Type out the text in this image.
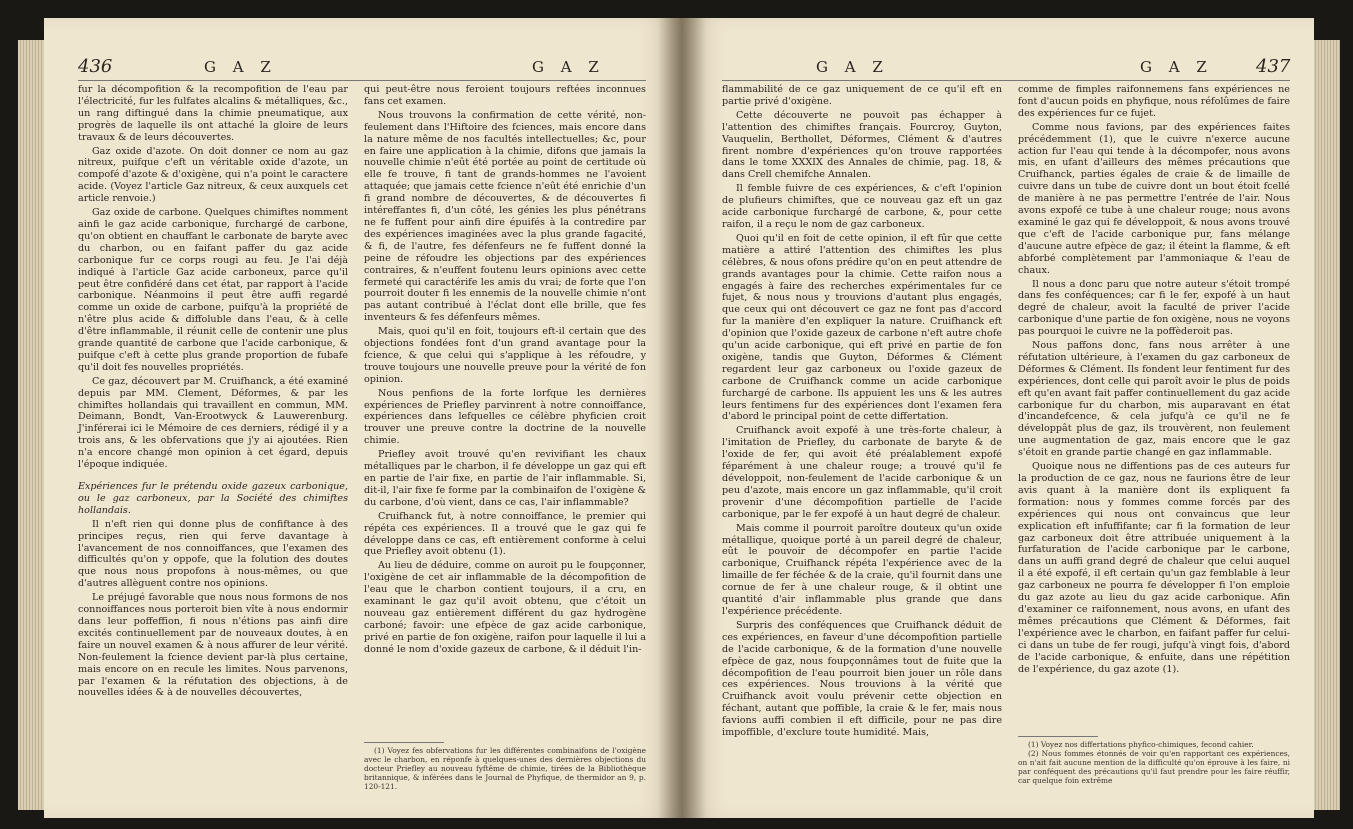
436	G A Z	G A Z

fur la décompofition & la recompofition de l'eau par l'électricité, fur les fulfates alcalins & métalliques, &c., un rang diftingué dans la chimie pneumatique, aux progrès de laquelle ils ont attaché la gloire de leurs travaux & de leurs découvertes.

Gaz oxide d'azote. On doit donner ce nom au gaz nitreux, puifque c'eft un véritable oxide d'azote, un compofé d'azote & d'oxigène, qui n'a point le caractere acide. (Voyez l'article Gaz nitreux, & ceux auxquels cet article renvoie.)

Gaz oxide de carbone. Quelques chimiftes nomment ainfi le gaz acide carbonique, furchargé de carbone, qu'on obtient en chauffant le carbonate de baryte avec du charbon, ou en faifant paffer du gaz acide carbonique fur ce corps rougi au feu. Je l'ai déjà indiqué à l'article Gaz acide carboneux, parce qu'il peut être confidéré dans cet état, par rapport à l'acide carbonique. Néanmoins il peut être auffi regardé comme un oxide de carbone, puifqu'à la propriété de n'être plus acide & diffoluble dans l'eau, & à celle d'être inflammable, il réunit celle de contenir une plus grande quantité de carbone que l'acide carbonique, & puifque c'eft à cette plus grande proportion de fubafe qu'il doit fes nouvelles propriétés.

Ce gaz, découvert par M. Cruifhanck, a été examiné depuis par MM. Clement, Déformes, & par les chimiftes hollandais qui travaillent en commun, MM. Deimann, Bondt, Van-Erootwyck & Lauwerenburg. J'inférerai ici le Mémoire de ces derniers, rédigé il y a trois ans, & les obfervations que j'y ai ajoutées. Rien n'a encore changé mon opinion à cet égard, depuis l'époque indiquée.

Expériences fur le prétendu oxide gazeux carbonique, ou le gaz carboneux, par la Société des chimiftes hollandais.

Il n'eft rien qui donne plus de confiftance à des principes reçus, rien qui ferve davantage à l'avancement de nos connoiffances, que l'examen des difficultés qu'on y oppofe, que la folution des doutes que nous nous propofons à nous-mêmes, ou que d'autres allèguent contre nos opinions.

Le préjugé favorable que nous nous formons de nos connoiffances nous porteroit bien vîte à nous endormir dans leur poffeffion, fi nous n'étions pas ainfi dire excités continuellement par de nouveaux doutes, à en faire un nouvel examen & à nous affurer de leur vérité. Non-feulement la fcience devient par-là plus certaine, mais encore on en recule les limites. Nous parvenons, par l'examen & la réfutation des objections, à de nouvelles idées & à de nouvelles découvertes,

qui peut-être nous feroient toujours reftées inconnues fans cet examen.

Nous trouvons la confirmation de cette vérité, non-feulement dans l'Hiftoire des fciences, mais encore dans la nature même de nos facultés intellectuelles; &c, pour en faire une application à la chimie, difons que jamais la nouvelle chimie n'eût été portée au point de certitude où elle fe trouve, fi tant de grands-hommes ne l'avoient attaquée; que jamais cette fcience n'eût été enrichie d'un fi grand nombre de découvertes, & de découvertes fi intéreffantes fi, d'un côté, les génies les plus pénétrans ne fe fuffent pour ainfi dire épuifés à la contredire par des expériences imaginées avec la plus grande fagacité, & fi, de l'autre, fes défenfeurs ne fe fuffent donné la peine de réfoudre les objections par des expériences contraires, & n'euffent foutenu leurs opinions avec cette fermeté qui caractérife les amis du vrai; de forte que l'on pourroit douter fi les ennemis de la nouvelle chimie n'ont pas autant contribué à l'éclat dont elle brille, que fes inventeurs & fes défenfeurs mêmes.

Mais, quoi qu'il en foit, toujours eft-il certain que des objections fondées font d'un grand avantage pour la fcience, & que celui qui s'applique à les réfoudre, y trouve toujours une nouvelle preuve pour la vérité de fon opinion.

Nous penfions de la forte lorfque les dernières expériences de Priefley parvinrent à notre connoiffance, expériences dans lefquelles ce célèbre phyficien croit trouver une preuve contre la doctrine de la nouvelle chimie.

Priefley avoit trouvé qu'en revivifiant les chaux métalliques par le charbon, il fe développe un gaz qui eft en partie de l'air fixe, en partie de l'air inflammable. Si, dit-il, l'air fixe fe forme par la combinaifon de l'oxigène & du carbone, d'où vient, dans ce cas, l'air inflammable?

Cruifhanck fut, à notre connoiffance, le premier qui répéta ces expériences. Il a trouvé que le gaz qui fe développe dans ce cas, eft entièrement conforme à celui que Priefley avoit obtenu (1).

Au lieu de déduire, comme on auroit pu le foupçonner, l'oxigène de cet air inflammable de la décompofition de l'eau que le charbon contient toujours, il a cru, en examinant le gaz qu'il avoit obtenu, que c'étoit un nouveau gaz entièrement différent du gaz hydrogène carboné; favoir: une efpèce de gaz acide carbonique, privé en partie de fon oxigène, raifon pour laquelle il lui a donné le nom d'oxide gazeux de carbone, & il déduit l'in-

(1) Voyez fes obfervations fur les différentes combinaifons de l'oxigène avec le charbon, en réponfe à quelques-unes des dernières objections du docteur Priefley au nouveau fyftême de chimie, tirées de la Bibliothèque britannique, & inférées dans le Journal de Phyfique, de thermidor an 9, p. 120-121.

G A Z	G A Z 437

flammabilité de ce gaz uniquement de ce qu'il eft en partie privé d'oxigène.

Cette découverte ne pouvoit pas échapper à l'attention des chimiftes français. Fourcroy, Guyton, Vauquelin, Berthollet, Déformes, Clément & d'autres firent nombre d'expériences qu'on trouve rapportées dans le tome XXXIX des Annales de chimie, pag. 18, & dans Crell chemifche Annalen.

Il femble fuivre de ces expériences, & c'eft l'opinion de plufieurs chimiftes, que ce nouveau gaz eft un gaz acide carbonique furchargé de carbone, &, pour cette raifon, il a reçu le nom de gaz carboneux.

Quoi qu'il en foit de cette opinion, il eft fûr que cette matière a attiré l'attention des chimiftes les plus célèbres, & nous ofons prédire qu'on en peut attendre de grands avantages pour la chimie. Cette raifon nous a engagés à faire des recherches expérimentales fur ce fujet, & nous nous y trouvions d'autant plus engagés, que ceux qui ont découvert ce gaz ne font pas d'accord fur la manière d'en expliquer la nature. Cruifhanck eft d'opinion que l'oxide gazeux de carbone n'eft autre chofe qu'un acide carbonique, qui eft privé en partie de fon oxigène, tandis que Guyton, Déformes & Clément regardent leur gaz carboneux ou l'oxide gazeux de carbone de Cruifhanck comme un acide carbonique furchargé de carbone. Ils appuient les uns & les autres leurs fentimens fur des expériences dont l'examen fera d'abord le principal point de cette differtation.

Cruifhanck avoit expofé à une très-forte chaleur, à l'imitation de Priefley, du carbonate de baryte & de l'oxide de fer, qui avoit été préalablement expofé féparément à une chaleur rouge; a trouvé qu'il fe développoit, non-feulement de l'acide carbonique & un peu d'azote, mais encore un gaz inflammable, qu'il croit provenir d'une décompofition partielle de l'acide carbonique, par le fer expofé à un haut degré de chaleur.

Mais comme il pourroit paroître douteux qu'un oxide métallique, quoique porté à un pareil degré de chaleur, eût le pouvoir de décompofer en partie l'acide carbonique, Cruifhanck répéta l'expérience avec de la limaille de fer féchée & de la craie, qu'il fournit dans une cornue de fer à une chaleur rouge, & il obtint une quantité d'air inflammable plus grande que dans l'expérience précédente.

Surpris des conféquences que Cruifhanck déduit de ces expériences, en faveur d'une décompofition partielle de l'acide carbonique, & de la formation d'une nouvelle efpèce de gaz, nous foupçonnâmes tout de fuite que la décompofition de l'eau pourroit bien jouer un rôle dans ces expériences. Nous trouvions à la vérité que Cruifhanck avoit voulu prévenir cette objection en féchant, autant que poffible, la craie & le fer, mais nous favions auffi combien il eft difficile, pour ne pas dire impoffible, d'exclure toute humidité. Mais,

comme de fimples raifonnemens fans expériences ne font d'aucun poids en phyfique, nous réfolûmes de faire des expériences fur ce fujet.

Comme nous favions, par des expériences faites précédemment (1), que le cuivre n'exerce aucune action fur l'eau qui tende à la décompofer, nous avons mis, en ufant d'ailleurs des mêmes précautions que Cruifhanck, parties égales de craie & de limaille de cuivre dans un tube de cuivre dont un bout étoit fcellé de manière à ne pas permettre l'entrée de l'air. Nous avons expofé ce tube à une chaleur rouge; nous avons examiné le gaz qui fe développoit, & nous avons trouvé que c'eft de l'acide carbonique pur, fans mélange d'aucune autre efpèce de gaz; il éteint la flamme, & eft abforbé complètement par l'ammoniaque & l'eau de chaux.

Il nous a donc paru que notre auteur s'étoit trompé dans fes conféquences; car fi le fer, expofé à un haut degré de chaleur, avoit la faculté de priver l'acide carbonique d'une partie de fon oxigène, nous ne voyons pas pourquoi le cuivre ne la poffèderoit pas.

Nous paffons donc, fans nous arrêter à une réfutation ultérieure, à l'examen du gaz carboneux de Déformes & Clément. Ils fondent leur fentiment fur des expériences, dont celle qui paroît avoir le plus de poids eft qu'en avant fait paffer continuellement du gaz acide carbonique fur du charbon, mis auparavant en état d'incandefcence, & cela jufqu'à ce qu'il ne fe développât plus de gaz, ils trouvèrent, non feulement une augmentation de gaz, mais encore que le gaz s'étoit en grande partie changé en gaz inflammable.

Quoique nous ne diffentions pas de ces auteurs fur la production de ce gaz, nous ne faurions être de leur avis quant à la manière dont ils expliquent fa formation: nous y fommes comme forcés par des expériences qui nous ont convaincus que leur explication eft infuffifante; car fi la formation de leur gaz carboneux doit être attribuée uniquement à la furfaturation de l'acide carbonique par le carbone, dans un auffi grand degré de chaleur que celui auquel il a été expofé, il eft certain qu'un gaz femblable à leur gaz carboneux ne pourra fe développer fi l'on emploie du gaz azote au lieu du gaz acide carbonique. Afin d'examiner ce raifonnement, nous avons, en ufant des mêmes précautions que Clément & Déformes, fait l'expérience avec le charbon, en faifant paffer fur celui-ci dans un tube de fer rougi, jufqu'à vingt fois, d'abord de l'acide carbonique, & enfuite, dans une répétition de l'expérience, du gaz azote (1).

(1) Voyez nos differtations phyfico-chimiques, fecond cahier.

(2) Nous fommes étonnés de voir qu'en rapportant ces expériences, on n'ait fait aucune mention de la difficulté qu'on éprouve à les faire, ni par conféquent des précautions qu'il faut prendre pour les faire réuffir, car quelque foin extrême
